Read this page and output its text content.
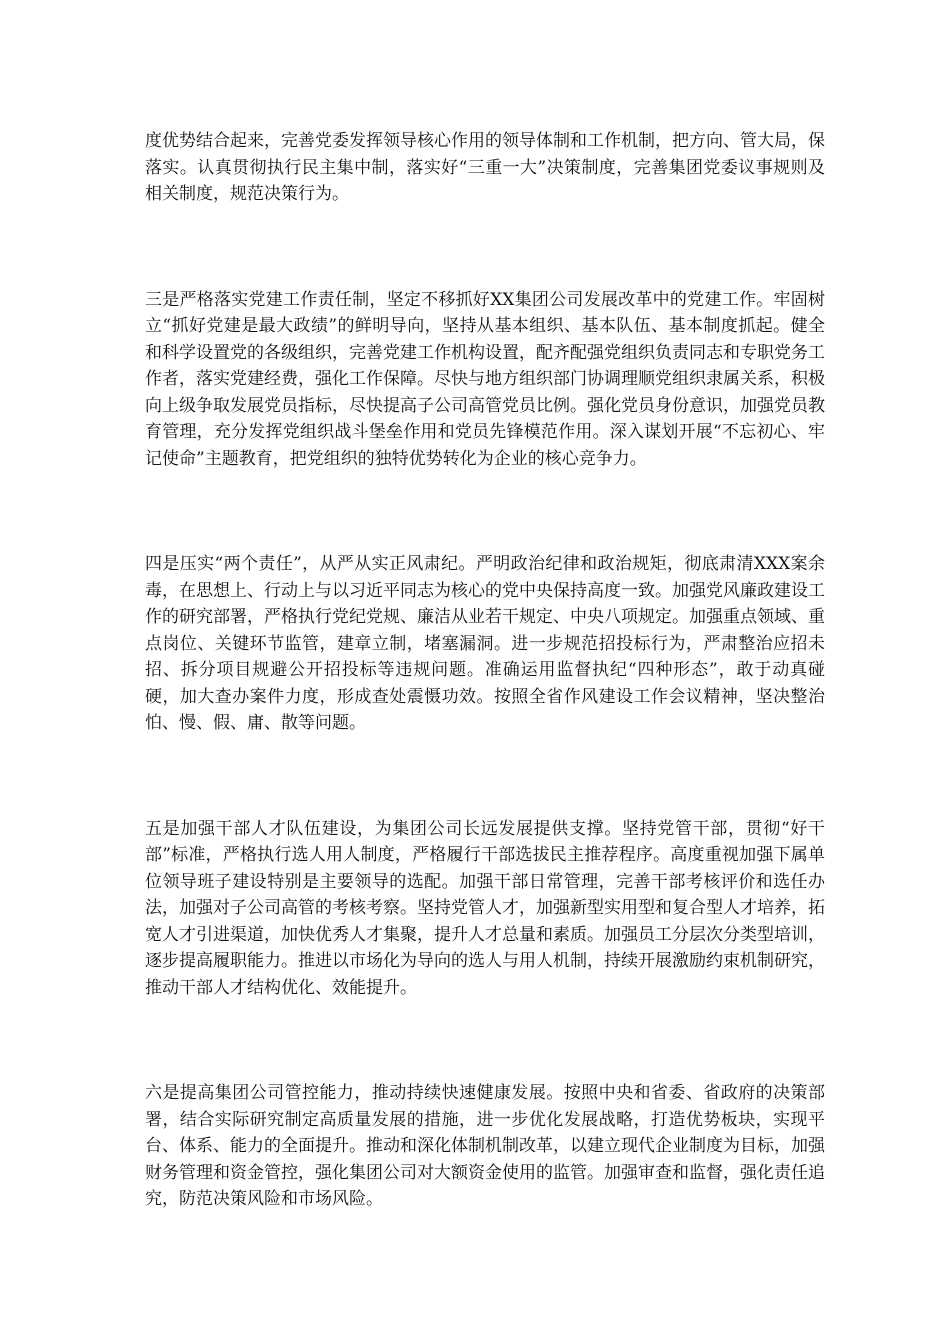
度优势结合起来，完善党委发挥领导核心作用的领导体制和工作机制，把方向、管大局，保落实。认真贯彻执行民主集中制，落实好“三重一大”决策制度，完善集团党委议事规则及相关制度，规范决策行为。

三是严格落实党建工作责任制，坚定不移抓好XX集团公司发展改革中的党建工作。牢固树立“抓好党建是最大政绩”的鲜明导向，坚持从基本组织、基本队伍、基本制度抓起。健全和科学设置党的各级组织，完善党建工作机构设置，配齐配强党组织负责同志和专职党务工作者，落实党建经费，强化工作保障。尽快与地方组织部门协调理顺党组织隶属关系，积极向上级争取发展党员指标，尽快提高子公司高管党员比例。强化党员身份意识，加强党员教育管理，充分发挥党组织战斗堡垒作用和党员先锋模范作用。深入谋划开展“不忘初心、牢记使命”主题教育，把党组织的独特优势转化为企业的核心竞争力。

四是压实“两个责任”，从严从实正风肃纪。严明政治纪律和政治规矩，彻底肃清XXX案余毒，在思想上、行动上与以习近平同志为核心的党中央保持高度一致。加强党风廉政建设工作的研究部署，严格执行党纪党规、廉洁从业若干规定、中央八项规定。加强重点领域、重点岗位、关键环节监管，建章立制，堵塞漏洞。进一步规范招投标行为，严肃整治应招未招、拆分项目规避公开招投标等违规问题。准确运用监督执纪“四种形态”，敢于动真碰硬，加大查办案件力度，形成查处震慑功效。按照全省作风建设工作会议精神，坚决整治怕、慢、假、庸、散等问题。

五是加强干部人才队伍建设，为集团公司长远发展提供支撑。坚持党管干部，贯彻“好干部”标准，严格执行选人用人制度，严格履行干部选拔民主推荐程序。高度重视加强下属单位领导班子建设特别是主要领导的选配。加强干部日常管理，完善干部考核评价和选任办法，加强对子公司高管的考核考察。坚持党管人才，加强新型实用型和复合型人才培养，拓宽人才引进渠道，加快优秀人才集聚，提升人才总量和素质。加强员工分层次分类型培训，逐步提高履职能力。推进以市场化为导向的选人与用人机制，持续开展激励约束机制研究，推动干部人才结构优化、效能提升。

六是提高集团公司管控能力，推动持续快速健康发展。按照中央和省委、省政府的决策部署，结合实际研究制定高质量发展的措施，进一步优化发展战略，打造优势板块，实现平台、体系、能力的全面提升。推动和深化体制机制改革，以建立现代企业制度为目标，加强财务管理和资金管控，强化集团公司对大额资金使用的监管。加强审查和监督，强化责任追究，防范决策风险和市场风险。
